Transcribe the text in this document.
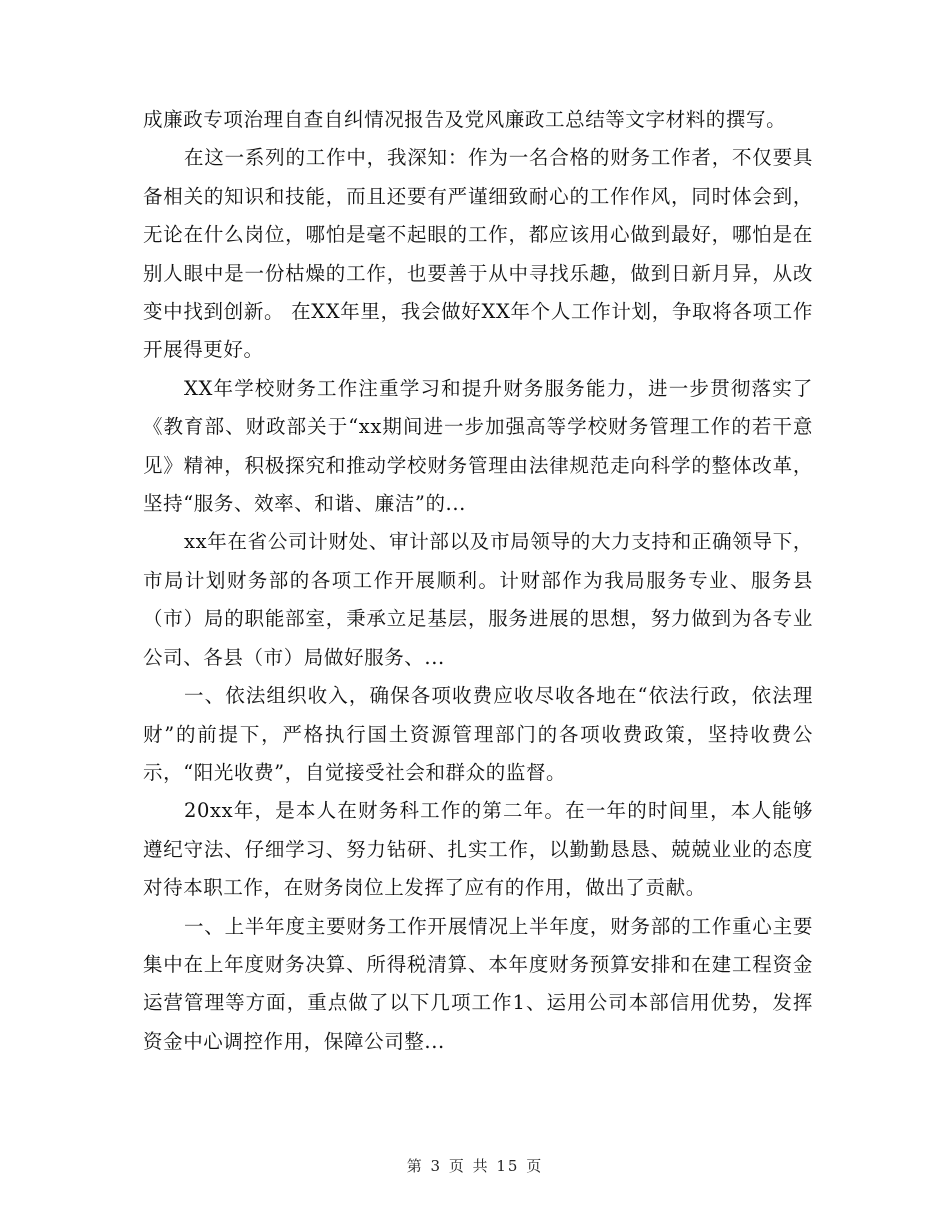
成廉政专项治理自查自纠情况报告及党风廉政工总结等文字材料的撰写。

在这一系列的工作中，我深知：作为一名合格的财务工作者，不仅要具备相关的知识和技能，而且还要有严谨细致耐心的工作作风，同时体会到，无论在什么岗位，哪怕是毫不起眼的工作，都应该用心做到最好，哪怕是在别人眼中是一份枯燥的工作，也要善于从中寻找乐趣，做到日新月异，从改变中找到创新。 在XX年里，我会做好XX年个人工作计划，争取将各项工作开展得更好。

XX年学校财务工作注重学习和提升财务服务能力，进一步贯彻落实了《教育部、财政部关于“xx期间进一步加强高等学校财务管理工作的若干意见》精神，积极探究和推动学校财务管理由法律规范走向科学的整体改革，坚持“服务、效率、和谐、廉洁”的...

xx年在省公司计财处、审计部以及市局领导的大力支持和正确领导下，市局计划财务部的各项工作开展顺利。计财部作为我局服务专业、服务县（市）局的职能部室，秉承立足基层，服务进展的思想，努力做到为各专业公司、各县（市）局做好服务、...

一、依法组织收入，确保各项收费应收尽收各地在“依法行政，依法理财”的前提下，严格执行国土资源管理部门的各项收费政策，坚持收费公示，“阳光收费”，自觉接受社会和群众的监督。

20xx年，是本人在财务科工作的第二年。在一年的时间里，本人能够遵纪守法、仔细学习、努力钻研、扎实工作，以勤勤恳恳、兢兢业业的态度对待本职工作，在财务岗位上发挥了应有的作用，做出了贡献。

一、上半年度主要财务工作开展情况上半年度，财务部的工作重心主要集中在上年度财务决算、所得税清算、本年度财务预算安排和在建工程资金运营管理等方面，重点做了以下几项工作1、运用公司本部信用优势，发挥资金中心调控作用，保障公司整...

第 3 页 共 15 页
